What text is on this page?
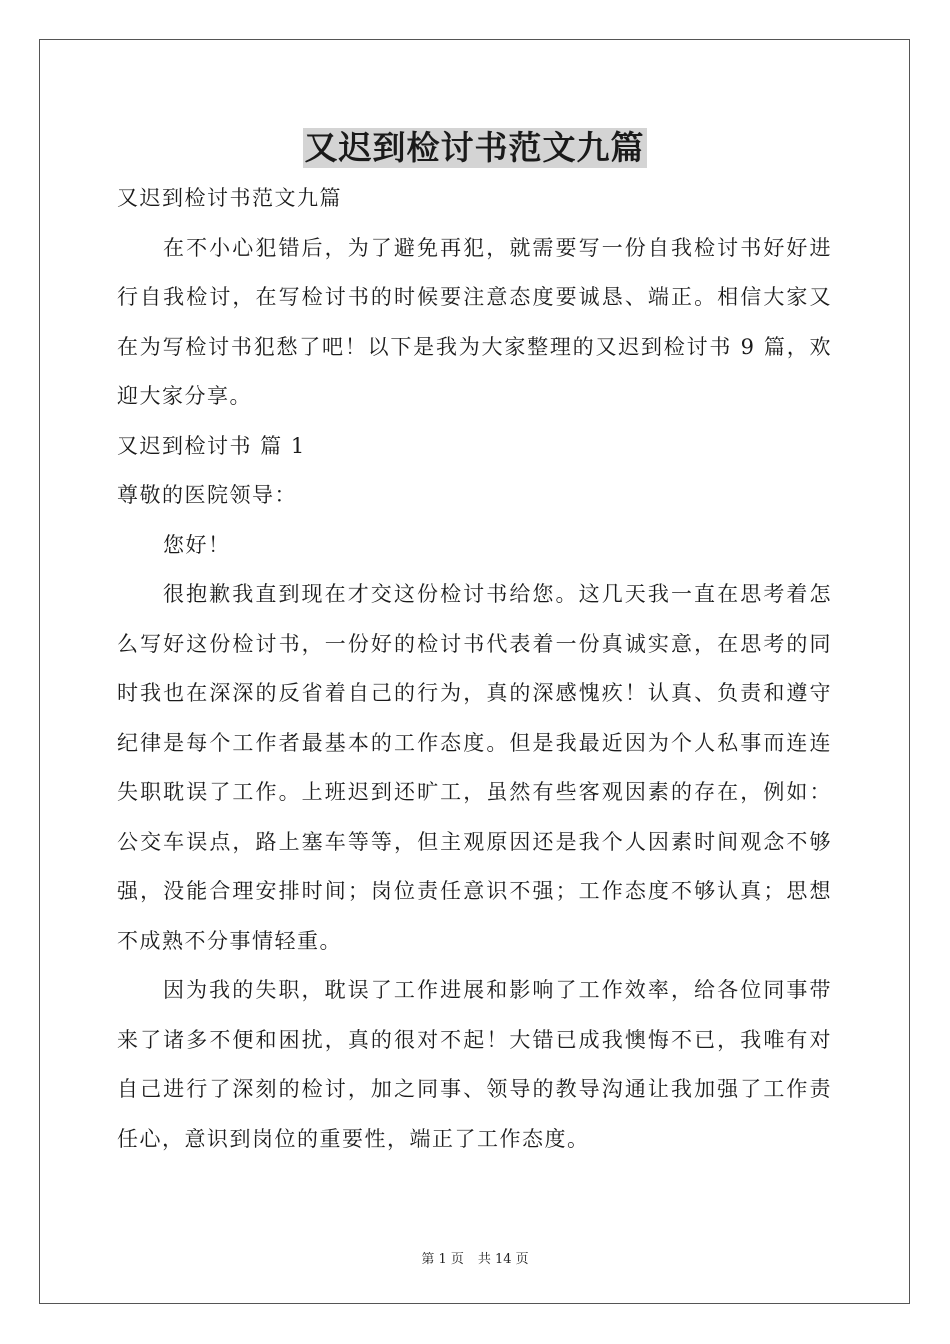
又迟到检讨书范文九篇

又迟到检讨书范文九篇

在不小心犯错后，为了避免再犯，就需要写一份自我检讨书好好进行自我检讨，在写检讨书的时候要注意态度要诚恳、端正。相信大家又在为写检讨书犯愁了吧！以下是我为大家整理的又迟到检讨书 9 篇，欢迎大家分享。

又迟到检讨书 篇 1

尊敬的医院领导：

您好！

很抱歉我直到现在才交这份检讨书给您。这几天我一直在思考着怎么写好这份检讨书，一份好的检讨书代表着一份真诚实意，在思考的同时我也在深深的反省着自己的行为，真的深感愧疚！认真、负责和遵守纪律是每个工作者最基本的工作态度。但是我最近因为个人私事而连连失职耽误了工作。上班迟到还旷工，虽然有些客观因素的存在，例如：公交车误点，路上塞车等等，但主观原因还是我个人因素时间观念不够强，没能合理安排时间；岗位责任意识不强；工作态度不够认真；思想不成熟不分事情轻重。

因为我的失职，耽误了工作进展和影响了工作效率，给各位同事带来了诸多不便和困扰，真的很对不起！大错已成我懊悔不已，我唯有对自己进行了深刻的检讨，加之同事、领导的教导沟通让我加强了工作责任心，意识到岗位的重要性，端正了工作态度。

第 1 页 共 14 页
